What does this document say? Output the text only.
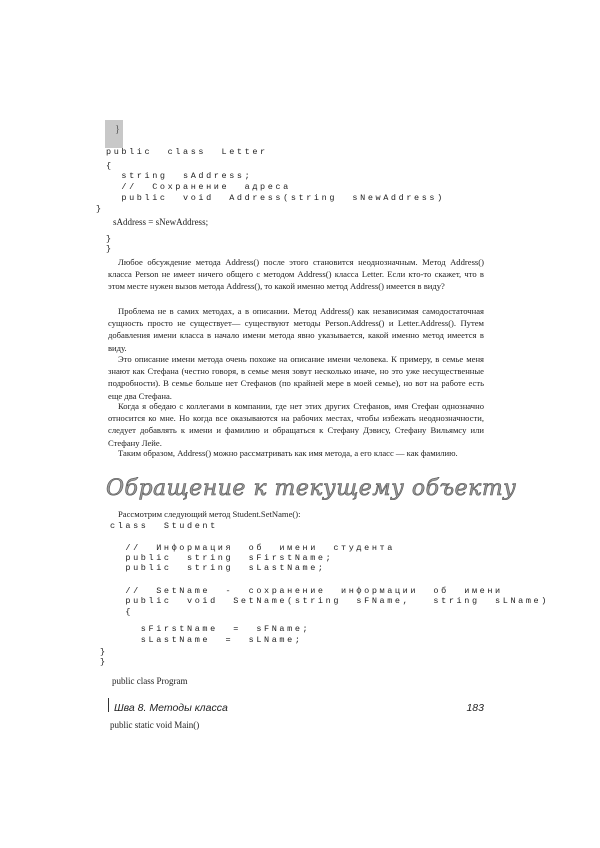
}
public  class  Letter
{
string  sAddress;
//  Сохранение  адреса
public  void  Address(string  sNewAddress)
}
sAddress = sNewAddress;
}
}
Любое обсуждение метода Address() после этого становится неоднозначным. Метод Address() класса Person не имеет ничего общего с методом Address() класса Letter. Если кто-то скажет, что в этом месте нужен вызов метода Address(), то какой именно метод Address() имеется в виду?
Проблема не в самих методах, а в описании. Метод Address() как независимая самодостаточная сущность просто не существует— существуют методы Person.Address() и Letter.Address(). Путем добавления имени класса в начало имени метода явно указывается, какой именно метод имеется в виду.
Это описание имени метода очень похоже на описание имени человека. К примеру, в семье меня знают как Стефана (честно говоря, в семье меня зовут несколько иначе, но это уже несущественные подробности). В семье больше нет Стефанов (по крайней мере в моей семье), но вот на работе есть еще два Стефана.
Когда я обедаю с коллегами в компании, где нет этих других Стефанов, имя Стефан однозначно относится ко мне. Но когда все оказываются на рабочих местах, чтобы избежать неоднозначности, следует добавлять к имени и фамилию и обращаться к Стефану Дэвису, Стефану Вильямсу или Стефану Лейе.
Таким образом, Address() можно рассматривать как имя метода, а его класс — как фамилию.
Обращение к текущему объекту
Рассмотрим следующий метод Student.SetName():
class  Student
//  Информация  об  имени  студента
public  string  sFirstName;
public  string  sLastName;
//  SetName  -  сохранение  информации  об  имени
public  void  SetName(string  sFName,   string  sLName)
{
sFirstName  =  sFName;
sLastName  =  sLName;
}
}
public class Program
Шва 8. Методы класса	183
public static void Main()
